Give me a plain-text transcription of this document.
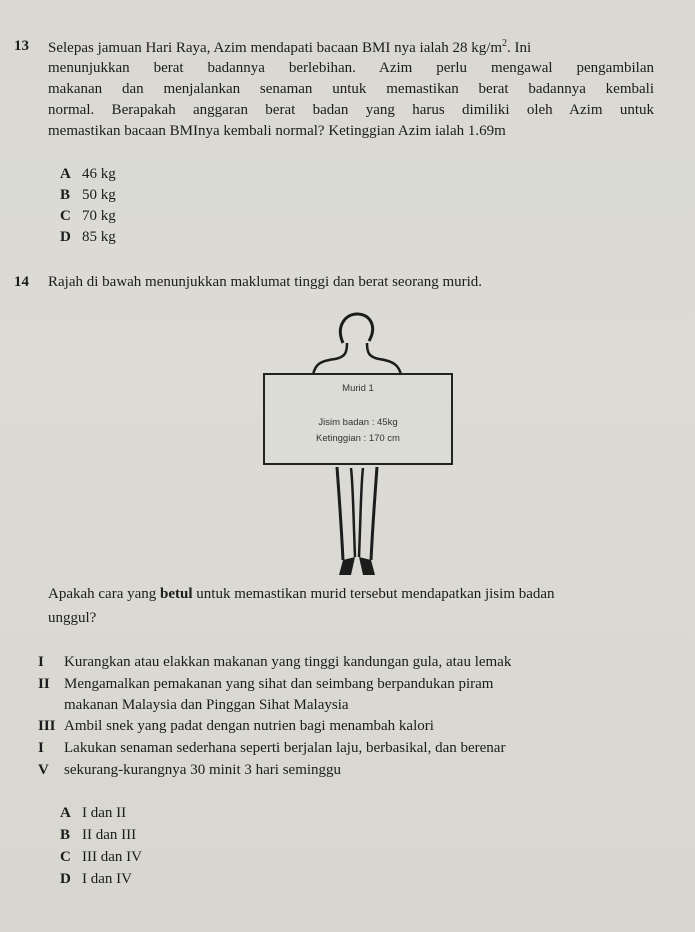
13 Selepas jamuan Hari Raya, Azim mendapati bacaan BMI nya ialah 28 $kg/m^2$. Ini
menunjukkan berat badannya berlebihan. Azim perlu mengawal pengambilan
makanan dan menjalankan senaman untuk memastikan berat badannya kembali
normal. Berapakah anggaran berat badan yang harus dimiliki oleh Azim untuk
memastikan bacaan BMInya kembali normal? Ketinggian Azim ialah 1.69m
A 46 kg
B 50 kg
C 70 kg
D 85 kg
14 Rajah di bawah menunjukkan maklumat tinggi dan berat seorang murid.
Murid 1
Jisim badan : 45kg
Ketinggian : 170 cm
Apakah cara yang betul untuk memastikan murid tersebut mendapatkan jisim badan
unggul?
I Kurangkan atau elakkan makanan yang tinggi kandungan gula, atau lemak
II Mengamalkan pemakanan yang sihat dan seimbang berpandukan piram
makanan Malaysia dan Pinggan Sihat Malaysia
III Ambil snek yang padat dengan nutrien bagi menambah kalori
I Lakukan senaman sederhana seperti berjalan laju, berbasikal, dan berenar
V sekurang-kurangnya 30 minit 3 hari seminggu
A I dan II
B II dan III
C III dan IV
D I dan IV
